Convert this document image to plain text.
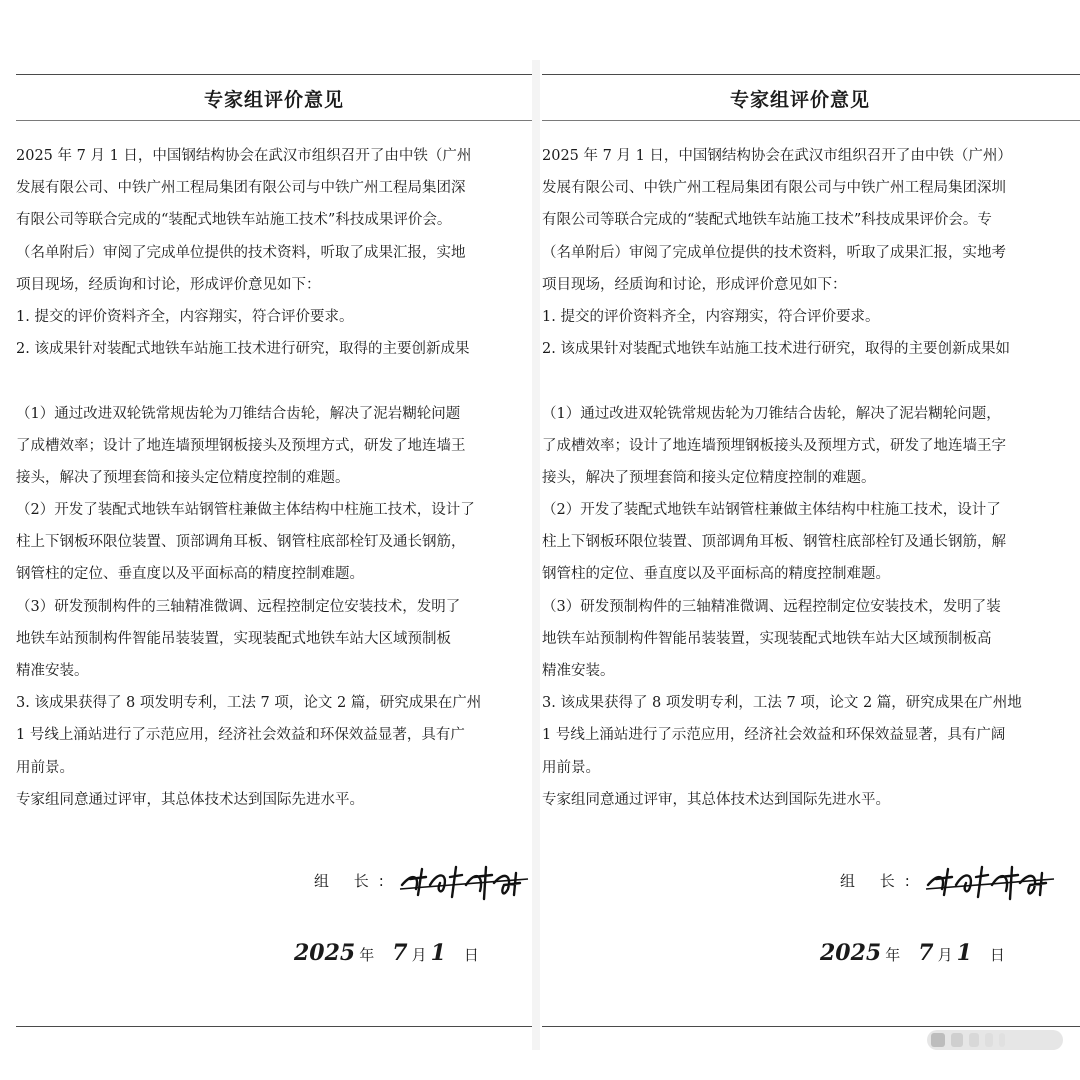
专家组评价意见
2025 年 7 月 1 日，中国钢结构协会在武汉市组织召开了由中铁（广州
发展有限公司、中铁广州工程局集团有限公司与中铁广州工程局集团深
有限公司等联合完成的“装配式地铁车站施工技术”科技成果评价会。
（名单附后）审阅了完成单位提供的技术资料，听取了成果汇报，实地
项目现场，经质询和讨论，形成评价意见如下：
1. 提交的评价资料齐全，内容翔实，符合评价要求。
2. 该成果针对装配式地铁车站施工技术进行研究，取得的主要创新成果
（1）通过改进双轮铣常规齿轮为刀锥结合齿轮，解决了泥岩糊轮问题
了成槽效率；设计了地连墙预埋钢板接头及预埋方式，研发了地连墙王
接头，解决了预埋套筒和接头定位精度控制的难题。
（2）开发了装配式地铁车站钢管柱兼做主体结构中柱施工技术，设计了
柱上下钢板环限位装置、顶部调角耳板、钢管柱底部栓钉及通长钢筋，
钢管柱的定位、垂直度以及平面标高的精度控制难题。
（3）研发预制构件的三轴精准微调、远程控制定位安装技术，发明了
地铁车站预制构件智能吊装装置，实现装配式地铁车站大区域预制板
精准安装。
3. 该成果获得了 8 项发明专利，工法 7 项，论文 2 篇，研究成果在广州
1 号线上涌站进行了示范应用，经济社会效益和环保效益显著，具有广
用前景。
专家组同意通过评审，其总体技术达到国际先进水平。
组 长:
2025 年 7 月 1 日
专家组评价意见
2025 年 7 月 1 日，中国钢结构协会在武汉市组织召开了由中铁（广州）
发展有限公司、中铁广州工程局集团有限公司与中铁广州工程局集团深圳
有限公司等联合完成的“装配式地铁车站施工技术”科技成果评价会。专
（名单附后）审阅了完成单位提供的技术资料，听取了成果汇报，实地考
项目现场，经质询和讨论，形成评价意见如下：
1. 提交的评价资料齐全，内容翔实，符合评价要求。
2. 该成果针对装配式地铁车站施工技术进行研究，取得的主要创新成果如
（1）通过改进双轮铣常规齿轮为刀锥结合齿轮，解决了泥岩糊轮问题，
了成槽效率；设计了地连墙预埋钢板接头及预埋方式，研发了地连墙王字
接头，解决了预埋套筒和接头定位精度控制的难题。
（2）开发了装配式地铁车站钢管柱兼做主体结构中柱施工技术，设计了
柱上下钢板环限位装置、顶部调角耳板、钢管柱底部栓钉及通长钢筋，解
钢管柱的定位、垂直度以及平面标高的精度控制难题。
（3）研发预制构件的三轴精准微调、远程控制定位安装技术，发明了装
地铁车站预制构件智能吊装装置，实现装配式地铁车站大区域预制板高
精准安装。
3. 该成果获得了 8 项发明专利，工法 7 项，论文 2 篇，研究成果在广州地
1 号线上涌站进行了示范应用，经济社会效益和环保效益显著，具有广阔
用前景。
专家组同意通过评审，其总体技术达到国际先进水平。
组 长:
2025 年 7 月 1 日
